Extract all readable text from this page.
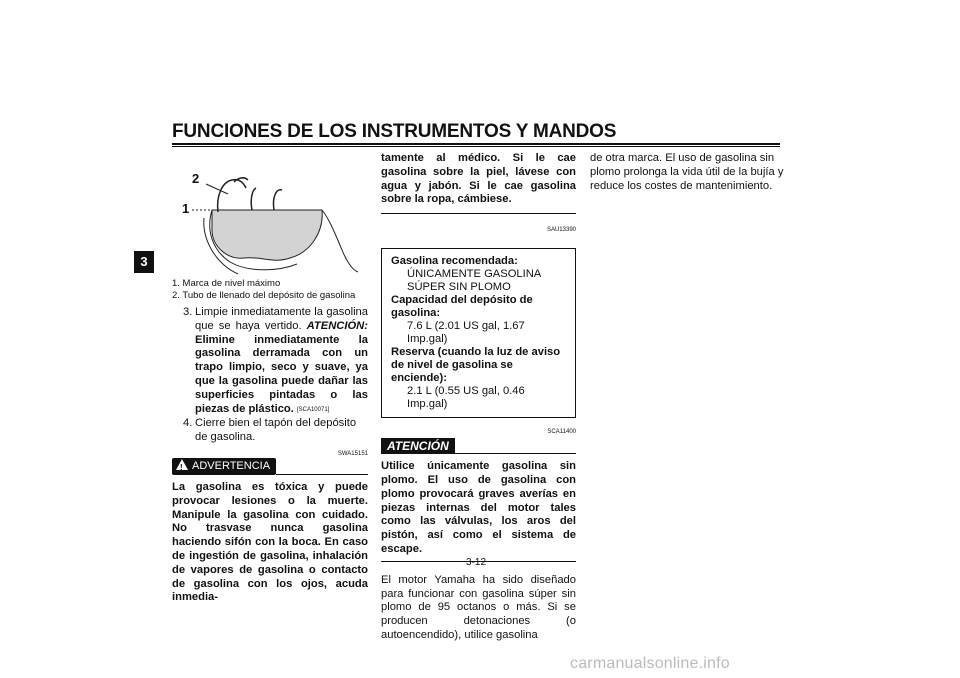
FUNCIONES DE LOS INSTRUMENTOS Y MANDOS
3
2
1
1. Marca de nivel máximo
2. Tubo de llenado del depósito de gasolina
3. Limpie inmediatamente la gasolina que se haya vertido. ATENCIÓN: Elimine inmediatamente la gasolina derramada con un trapo limpio, seco y suave, ya que la gasolina puede dañar las superficies pintadas o las piezas de plástico. [SCA10071]
4. Cierre bien el tapón del depósito de gasolina.
SWA15151
! ADVERTENCIA
La gasolina es tóxica y puede provocar lesiones o la muerte. Manipule la gasolina con cuidado. No trasvase nunca gasolina haciendo sifón con la boca. En caso de ingestión de gasolina, inhalación de vapores de gasolina o contacto de gasolina con los ojos, acuda inmedia-
tamente al médico. Si le cae gasolina sobre la piel, lávese con agua y jabón. Si le cae gasolina sobre la ropa, cámbiese.
SAU13390
Gasolina recomendada:
ÚNICAMENTE GASOLINA SÚPER SIN PLOMO
Capacidad del depósito de gasolina:
7.6 L (2.01 US gal, 1.67 Imp.gal)
Reserva (cuando la luz de aviso de nivel de gasolina se enciende):
2.1 L (0.55 US gal, 0.46 Imp.gal)
SCA11400
ATENCIÓN
Utilice únicamente gasolina sin plomo. El uso de gasolina con plomo provocará graves averías en piezas internas del motor tales como las válvulas, los aros del pistón, así como el sistema de escape.
El motor Yamaha ha sido diseñado para funcionar con gasolina súper sin plomo de 95 octanos o más. Si se producen detonaciones (o autoencendido), utilice gasolina
de otra marca. El uso de gasolina sin plomo prolonga la vida útil de la bujía y reduce los costes de mantenimiento.
3-12
carmanualsonline.info
